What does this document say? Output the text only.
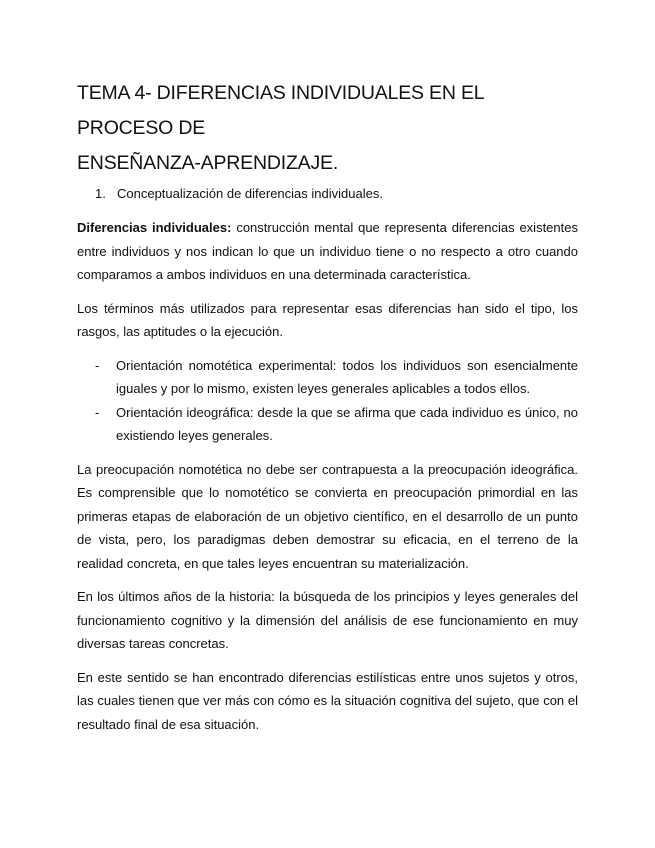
TEMA 4- DIFERENCIAS INDIVIDUALES EN EL PROCESO DE
ENSEÑANZA-APRENDIZAJE.
1. Conceptualización de diferencias individuales.

Diferencias individuales: construcción mental que representa diferencias existentes entre individuos y nos indican lo que un individuo tiene o no respecto a otro cuando comparamos a ambos individuos en una determinada característica.

Los términos más utilizados para representar esas diferencias han sido el tipo, los rasgos, las aptitudes o la ejecución.

-	Orientación nomotética experimental: todos los individuos son esencialmente iguales y por lo mismo, existen leyes generales aplicables a todos ellos.
-	Orientación ideográfica: desde la que se afirma que cada individuo es único, no existiendo leyes generales.

La preocupación nomotética no debe ser contrapuesta a la preocupación ideográfica. Es comprensible que lo nomotético se convierta en preocupación primordial en las primeras etapas de elaboración de un objetivo científico, en el desarrollo de un punto de vista, pero, los paradigmas deben demostrar su eficacia, en el terreno de la realidad concreta, en que tales leyes encuentran su materialización.

En los últimos años de la historia: la búsqueda de los principios y leyes generales del funcionamiento cognitivo y la dimensión del análisis de ese funcionamiento en muy diversas tareas concretas.

En este sentido se han encontrado diferencias estilísticas entre unos sujetos y otros, las cuales tienen que ver más con cómo es la situación cognitiva del sujeto, que con el resultado final de esa situación.
